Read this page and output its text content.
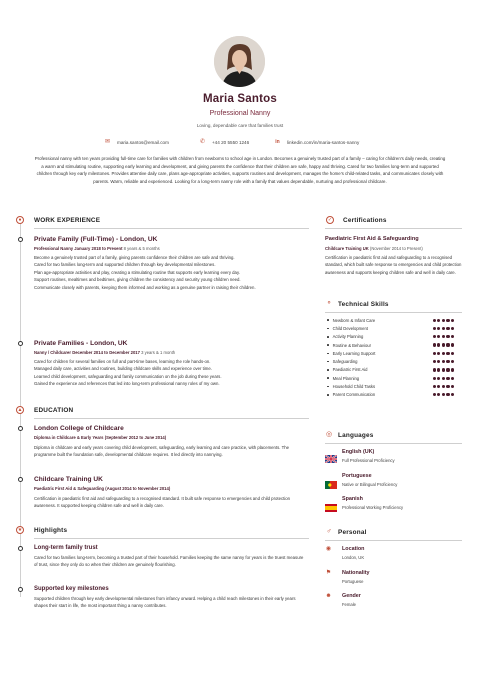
Maria Santos
Professional Nanny
Loving, dependable care that families trust
✉ maria.santos@email.com	✆ +44 20 5550 1246	in linkedin.com/in/maria-santos-nanny
Professional nanny with ten years providing full-time care for families with children from newborns to school age in London. Becomes a genuinely trusted part of a family – caring for children's daily needs, creating a warm and stimulating routine, supporting early learning and development, and giving parents the confidence that their children are safe, happy and thriving. Cared for two families long-term and supported children through key early milestones. Provides attentive daily care, plans age-appropriate activities, supports routines and development, manages the home's child-related tasks, and communicates closely with parents. Warm, reliable and experienced. Looking for a long-term nanny role with a family that values dependable, nurturing and professional childcare.
●	WORK EXPERIENCE
Private Family (Full-Time) - London, UK
Professional Nanny January 2018 to Present 8 years & 5 months

Become a genuinely trusted part of a family, giving parents confidence their children are safe and thriving.

Cared for two families long-term and supported children through key developmental milestones.

Plan age-appropriate activities and play, creating a stimulating routine that supports early learning every day.

Support routines, mealtimes and bedtimes, giving children the consistency and security young children need.

Communicate closely with parents, keeping them informed and working as a genuine partner in raising their children.

Private Families - London, UK
Nanny / Childcarer December 2014 to December 2017 3 years & 1 month

Cared for children for several families on full and part-time bases, learning the role hands-on.

Managed daily care, activities and routines, building childcare skills and experience over time.

Learned child development, safeguarding and family communication on the job during these years.

Gained the experience and references that led into long-term professional nanny roles of my own.

▲ EDUCATION
London College of Childcare
Diploma in Childcare & Early Years (September 2012 to June 2014)
Diploma in childcare and early years covering child development, safeguarding, early learning and care practice, with placements. The programme built the foundation safe, developmental childcare requires. It led directly into nannying.
Childcare Training UK
Paediatric First Aid & Safeguarding (August 2014 to November 2014)
Certification in paediatric first aid and safeguarding to a recognised standard. It built safe response to emergencies and child protection awareness. It supported keeping children safe and well in daily care.
★ Highlights
Long-term family trust
Cared for two families long-term, becoming a trusted part of their household. Families keeping the same nanny for years is the truest measure of trust, since they only do so when their children are genuinely flourishing.
Supported key milestones
Supported children through key early developmental milestones from infancy onward. Helping a child reach milestones in their early years shapes their start in life, the most important thing a nanny contributes.
✓ Certifications
Paediatric First Aid & Safeguarding
Childcare Training UK (November 2014 to Present)
Certification in paediatric first aid and safeguarding to a recognised standard, which built safe response to emergencies and child protection awareness and supports keeping children safe and well in daily care.
⚬ Technical Skills
Newborn & Infant Care
Child Development
Activity Planning
Routine & Behaviour
Early Learning Support
Safeguarding
Paediatric First Aid
Meal Planning
Household Child Tasks
Parent Communication
◎ Languages
English (UK)
Full Professional Proficiency
Portuguese
Native or Bilingual Proficiency
Spanish
Professional Working Proficiency
♂ Personal
◉ Location
London, UK
⚑ Nationality
Portuguese
☻ Gender
Female
